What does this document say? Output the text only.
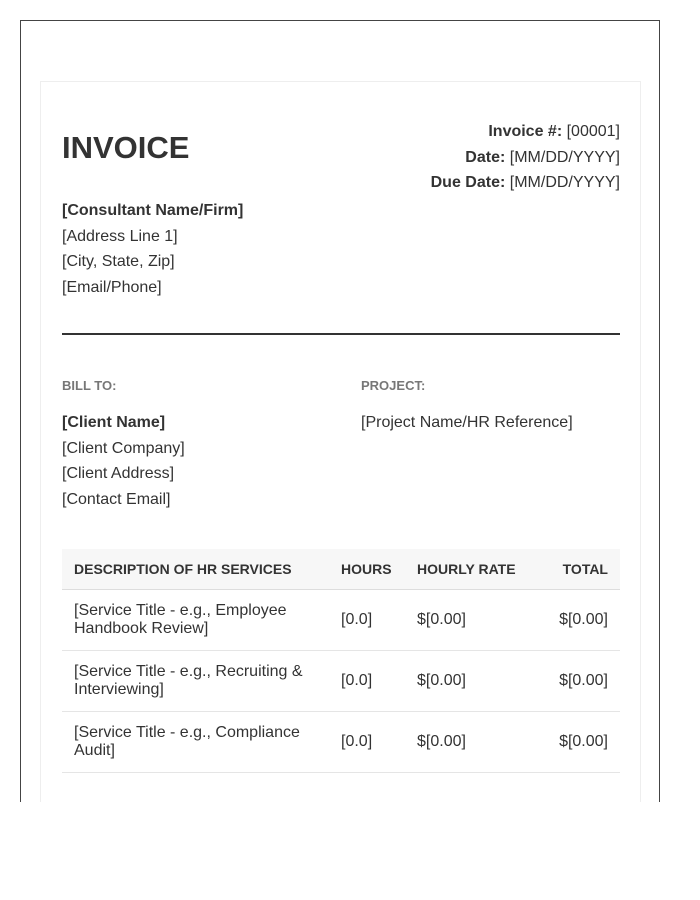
INVOICE	Invoice #: [00001]
Date: [MM/DD/YYYY]
Due Date: [MM/DD/YYYY]
[Consultant Name/Firm]
[Address Line 1]
[City, State, Zip]
[Email/Phone]
BILL TO:
[Client Name]
[Client Company]
[Client Address]
[Contact Email]
PROJECT:
[Project Name/HR Reference]
DESCRIPTION OF HR SERVICES	HOURS	HOURLY RATE	TOTAL
[Service Title - e.g., Employee Handbook Review]	[0.0]	$[0.00]	$[0.00]
[Service Title - e.g., Recruiting & Interviewing]	[0.0]	$[0.00]	$[0.00]
[Service Title - e.g., Compliance Audit]	[0.0]	$[0.00]	$[0.00]
